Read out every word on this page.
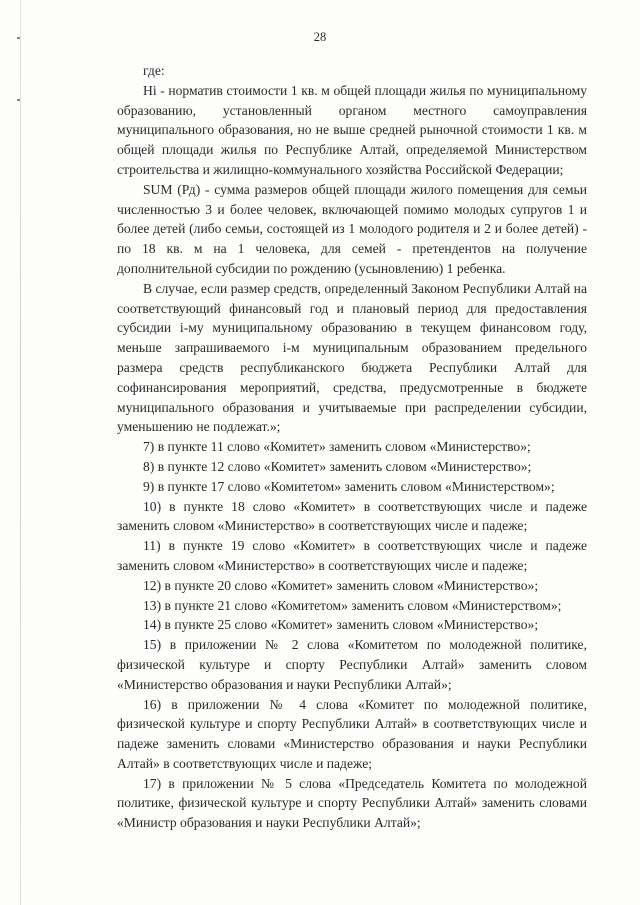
28

где:

Нi - норматив стоимости 1 кв. м общей площади жилья по муниципальному образованию, установленный органом местного самоуправления муниципального образования, но не выше средней рыночной стоимости 1 кв. м общей площади жилья по Республике Алтай, определяемой Министерством строительства и жилищно-коммунального хозяйства Российской Федерации;

SUM (Рд) - сумма размеров общей площади жилого помещения для семьи численностью 3 и более человек, включающей помимо молодых супругов 1 и более детей (либо семьи, состоящей из 1 молодого родителя и 2 и более детей) - по 18 кв. м на 1 человека, для семей - претендентов на получение дополнительной субсидии по рождению (усыновлению) 1 ребенка.

В случае, если размер средств, определенный Законом Республики Алтай на соответствующий финансовый год и плановый период для предоставления субсидии i-му муниципальному образованию в текущем финансовом году, меньше запрашиваемого i-м муниципальным образованием предельного размера средств республиканского бюджета Республики Алтай для софинансирования мероприятий, средства, предусмотренные в бюджете муниципального образования и учитываемые при распределении субсидии, уменьшению не подлежат.»;

7) в пункте 11 слово «Комитет» заменить словом «Министерство»;

8) в пункте 12 слово «Комитет» заменить словом «Министерство»;

9) в пункте 17 слово «Комитетом» заменить словом «Министерством»;

10) в пункте 18 слово «Комитет» в соответствующих числе и падеже заменить словом «Министерство» в соответствующих числе и падеже;

11) в пункте 19 слово «Комитет» в соответствующих числе и падеже заменить словом «Министерство» в соответствующих числе и падеже;

12) в пункте 20 слово «Комитет» заменить словом «Министерство»;

13) в пункте 21 слово «Комитетом» заменить словом «Министерством»;

14) в пункте 25 слово «Комитет» заменить словом «Министерство»;

15) в приложении № 2 слова «Комитетом по молодежной политике, физической культуре и спорту Республики Алтай» заменить словом «Министерство образования и науки Республики Алтай»;

16) в приложении № 4 слова «Комитет по молодежной политике, физической культуре и спорту Республики Алтай» в соответствующих числе и падеже заменить словами «Министерство образования и науки Республики Алтай» в соответствующих числе и падеже;

17) в приложении № 5 слова «Председатель Комитета по молодежной политике, физической культуре и спорту Республики Алтай» заменить словами «Министр образования и науки Республики Алтай»;
